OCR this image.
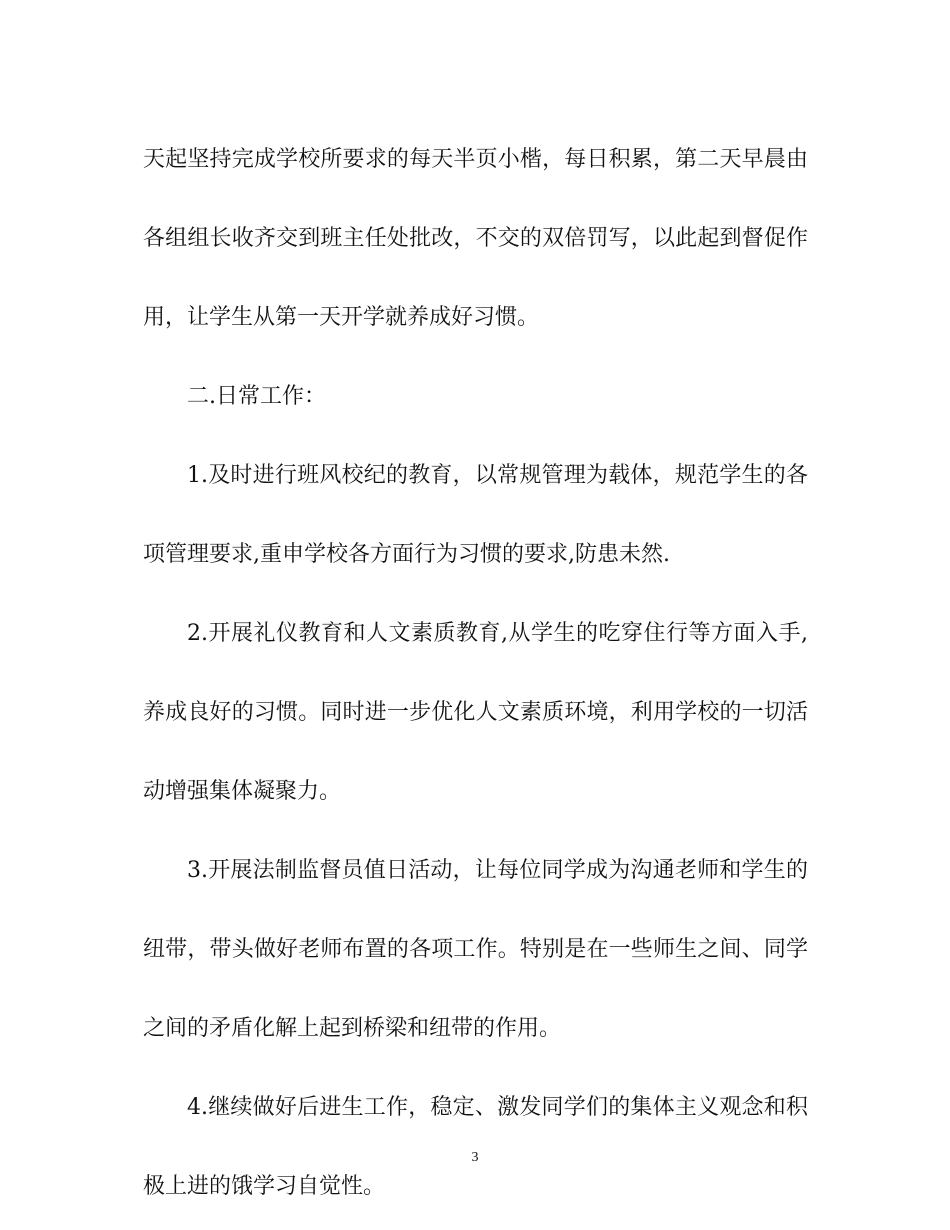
天起坚持完成学校所要求的每天半页小楷，每日积累，第二天早晨由各组组长收齐交到班主任处批改，不交的双倍罚写，以此起到督促作用，让学生从第一天开学就养成好习惯。

二.日常工作：

1.及时进行班风校纪的教育，以常规管理为载体，规范学生的各项管理要求,重申学校各方面行为习惯的要求,防患未然.

2.开展礼仪教育和人文素质教育,从学生的吃穿住行等方面入手,养成良好的习惯。同时进一步优化人文素质环境，利用学校的一切活动增强集体凝聚力。

3.开展法制监督员值日活动，让每位同学成为沟通老师和学生的纽带，带头做好老师布置的各项工作。特别是在一些师生之间、同学之间的矛盾化解上起到桥梁和纽带的作用。

4.继续做好后进生工作，稳定、激发同学们的集体主义观念和积极上进的饿学习自觉性。

3
